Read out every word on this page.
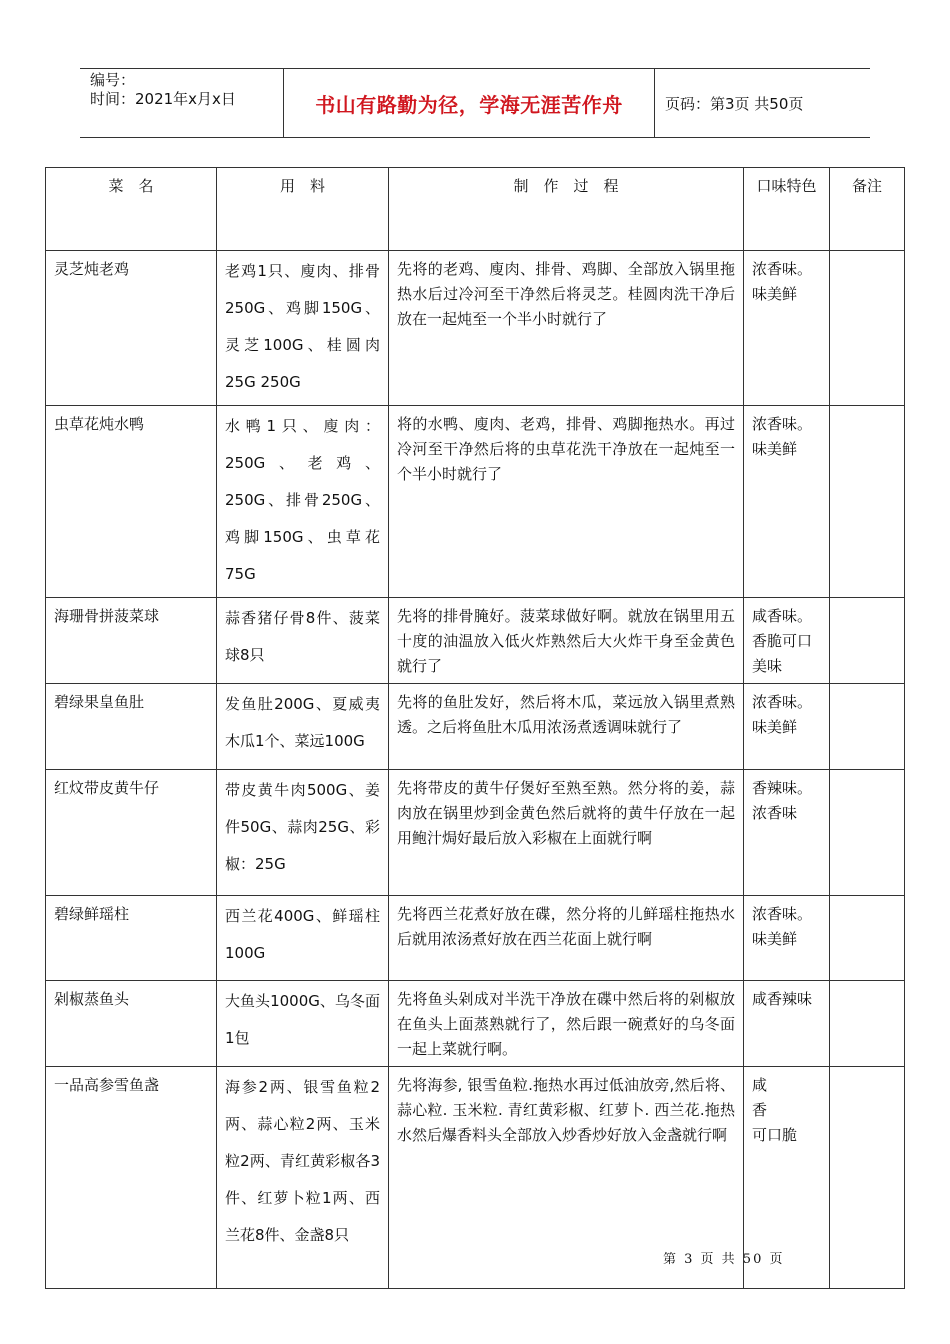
编号：
时间：2021年x月x日	书山有路勤为径，学海无涯苦作舟	页码：第3页 共50页
菜　名	用　料	制　作　过　程	口味特色	备注
灵芝炖老鸡	老鸡1只、廋肉、排骨250G、鸡脚150G、灵芝100G、桂圆肉25G 250G	先将的老鸡、廋肉、排骨、鸡脚、全部放入锅里拖热水后过冷河至干净然后将灵芝。桂圆肉洗干净后放在一起炖至一个半小时就行了	浓香味。味美鲜	
虫草花炖水鸭	水鸭1只、廋肉：250G、老鸡、250G、排骨250G、鸡脚150G、虫草花75G	将的水鸭、廋肉、老鸡，排骨、鸡脚拖热水。再过冷河至干净然后将的虫草花洗干净放在一起炖至一个半小时就行了	浓香味。味美鲜	
海珊骨拼菠菜球	蒜香猪仔骨8件、菠菜球8只	先将的排骨腌好。菠菜球做好啊。就放在锅里用五十度的油温放入低火炸熟然后大火炸干身至金黄色就行了	咸香味。香脆可口美味	
碧绿果皇鱼肚	发鱼肚200G、夏威夷木瓜1个、菜远100G	先将的鱼肚发好，然后将木瓜，菜远放入锅里煮熟透。之后将鱼肚木瓜用浓汤煮透调味就行了	浓香味。味美鲜	
红炆带皮黄牛仔	带皮黄牛肉500G、姜件50G、蒜肉25G、彩椒：25G	先将带皮的黄牛仔煲好至熟至熟。然分将的姜，蒜肉放在锅里炒到金黄色然后就将的黄牛仔放在一起用鲍汁焗好最后放入彩椒在上面就行啊	香辣味。浓香味	
碧绿鲜瑶柱	西兰花400G、鲜瑶柱100G	先将西兰花煮好放在碟，然分将的儿鲜瑶柱拖热水后就用浓汤煮好放在西兰花面上就行啊	浓香味。味美鲜	
剁椒蒸鱼头	大鱼头1000G、乌冬面1包	先将鱼头剁成对半洗干净放在碟中然后将的剁椒放在鱼头上面蒸熟就行了，然后跟一碗煮好的乌冬面一起上菜就行啊。	咸香辣味	
一品高参雪鱼盏	海参2两、银雪鱼粒2两、蒜心粒2两、玉米粒2两、青红黄彩椒各3件、红萝卜粒1两、西兰花8件、金盏8只	先将海参, 银雪鱼粒.拖热水再过低油放旁,然后将、蒜心粒. 玉米粒. 青红黄彩椒、红萝卜. 西兰花.拖热水然后爆香料头全部放入炒香炒好放入金盏就行啊	咸
香
可口脆	
第 3 页 共 50 页
